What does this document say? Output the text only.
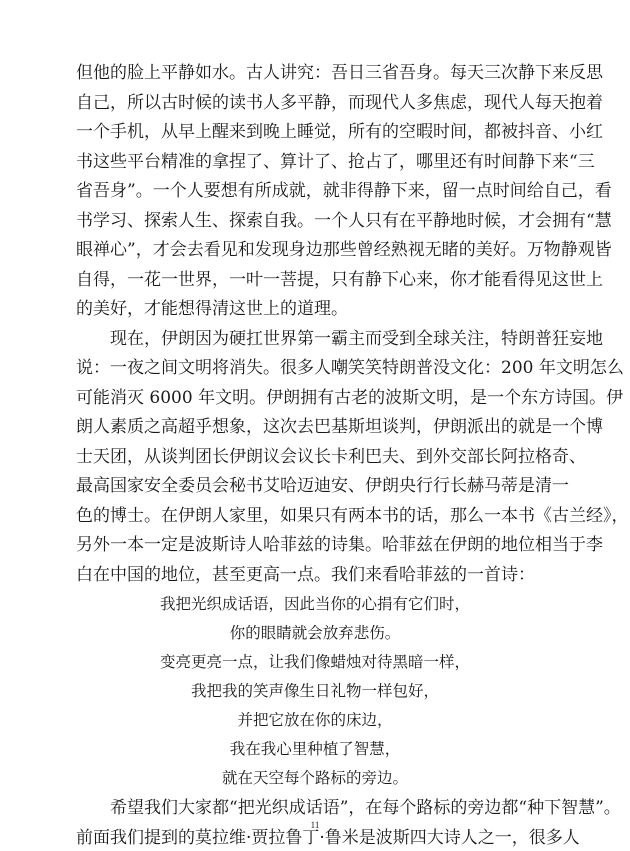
但他的脸上平静如水。古人讲究：吾日三省吾身。每天三次静下来反思
自己，所以古时候的读书人多平静，而现代人多焦虑，现代人每天抱着
一个手机，从早上醒来到晚上睡觉，所有的空暇时间，都被抖音、小红
书这些平台精准的拿捏了、算计了、抢占了，哪里还有时间静下来“三
省吾身”。一个人要想有所成就，就非得静下来，留一点时间给自己，看
书学习、探索人生、探索自我。一个人只有在平静地时候，才会拥有“慧
眼禅心”，才会去看见和发现身边那些曾经熟视无睹的美好。万物静观皆
自得，一花一世界，一叶一菩提，只有静下心来，你才能看得见这世上
的美好，才能想得清这世上的道理。
现在，伊朗因为硬扛世界第一霸主而受到全球关注，特朗普狂妄地
说：一夜之间文明将消失。很多人嘲笑笑特朗普没文化：200 年文明怎么
可能消灭 6000 年文明。伊朗拥有古老的波斯文明，是一个东方诗国。伊
朗人素质之高超乎想象，这次去巴基斯坦谈判，伊朗派出的就是一个博
士天团，从谈判团长伊朗议会议长卡利巴夫、到外交部长阿拉格奇、
最高国家安全委员会秘书艾哈迈迪安、伊朗央行行长赫马蒂是清一
色的博士。在伊朗人家里，如果只有两本书的话，那么一本书《古兰经》，
另外一本一定是波斯诗人哈菲兹的诗集。哈菲兹在伊朗的地位相当于李
白在中国的地位，甚至更高一点。我们来看哈菲兹的一首诗：
我把光织成话语，因此当你的心捐有它们时，
你的眼睛就会放弃悲伤。
变亮更亮一点，让我们像蜡烛对待黑暗一样，
我把我的笑声像生日礼物一样包好，
并把它放在你的床边，
我在我心里种植了智慧，
就在天空每个路标的旁边。
希望我们大家都“把光织成话语”，在每个路标的旁边都“种下智慧”。
前面我们提到的莫拉维·贾拉鲁丁·鲁米是波斯四大诗人之一，很多人
11
